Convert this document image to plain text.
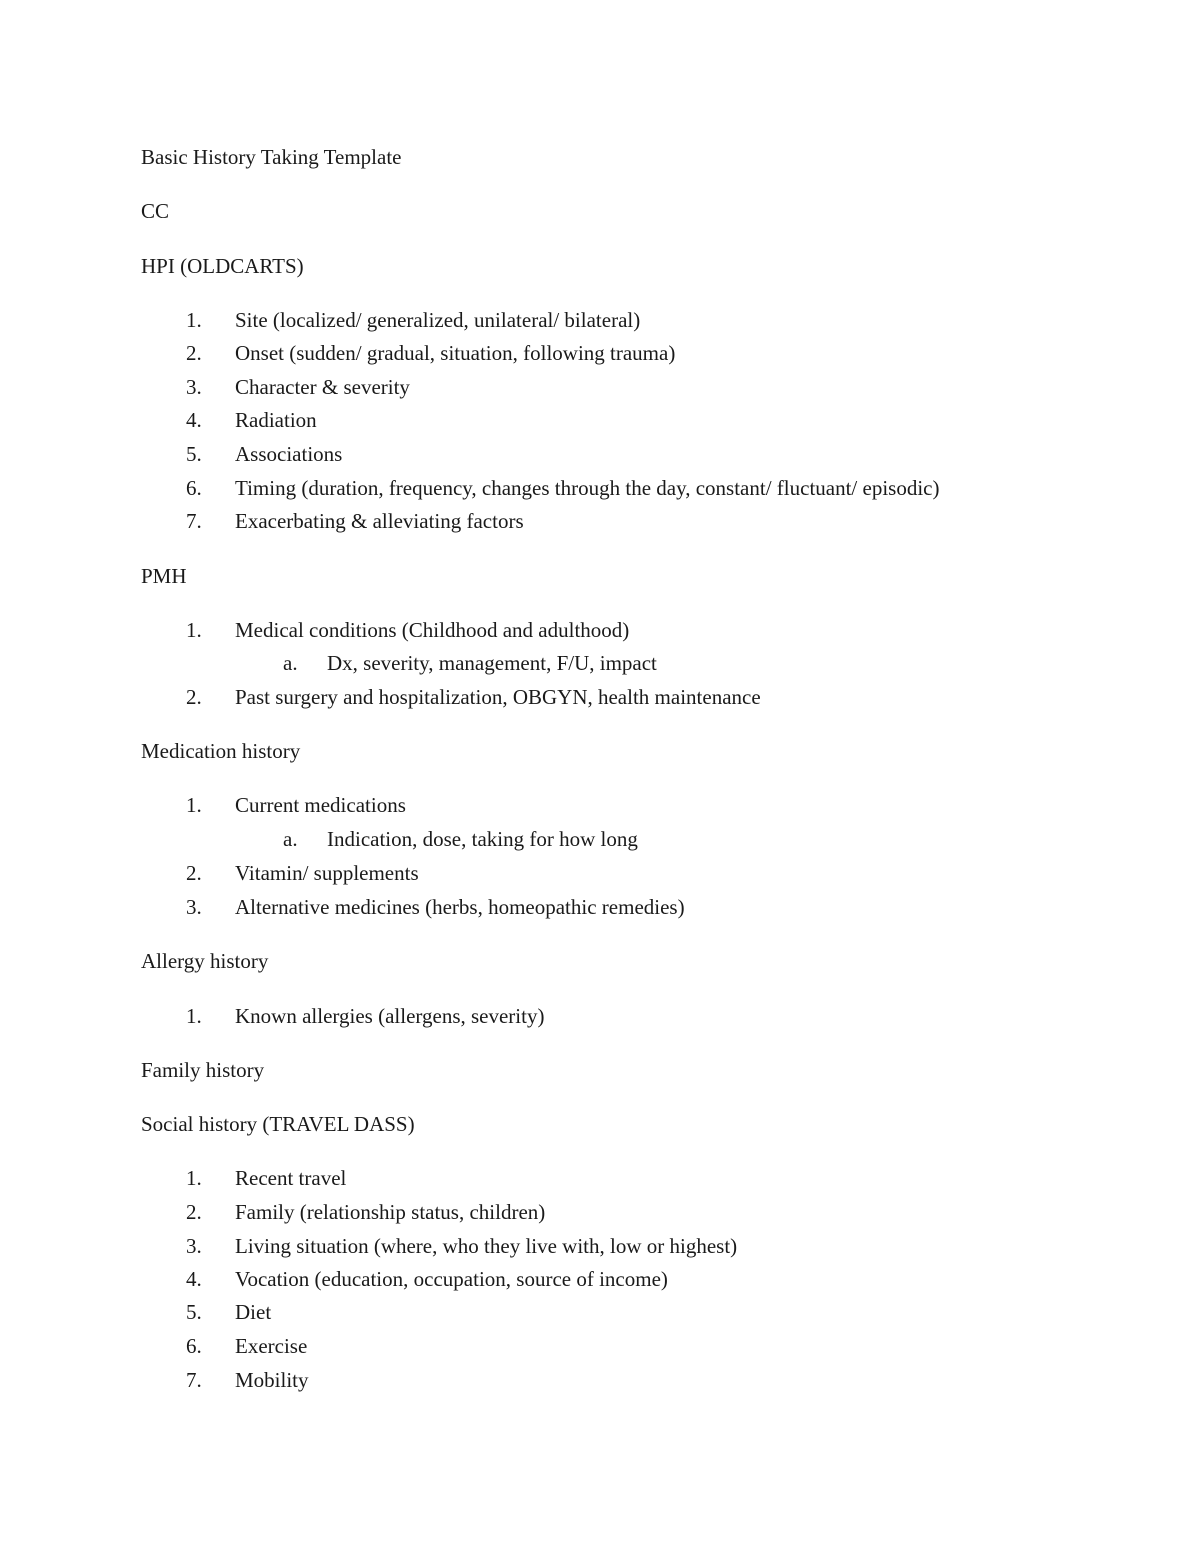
Basic History Taking Template
CC
HPI (OLDCARTS)
1.	Site (localized/ generalized, unilateral/ bilateral)
2.	Onset (sudden/ gradual, situation, following trauma)
3.	Character & severity
4.	Radiation
5.	Associations
6.	Timing (duration, frequency, changes through the day, constant/ fluctuant/ episodic)
7.	Exacerbating & alleviating factors
PMH
1.	Medical conditions (Childhood and adulthood)
a. Dx, severity, management, F/U, impact
2.	Past surgery and hospitalization, OBGYN, health maintenance
Medication history
1.	Current medications
a. Indication, dose, taking for how long
2.	Vitamin/ supplements
3.	Alternative medicines (herbs, homeopathic remedies)
Allergy history
1.	Known allergies (allergens, severity)
Family history
Social history (TRAVEL DASS)
1.	Recent travel
2.	Family (relationship status, children)
3.	Living situation (where, who they live with, low or highest)
4.	Vocation (education, occupation, source of income)
5.	Diet
6.	Exercise
7.	Mobility
